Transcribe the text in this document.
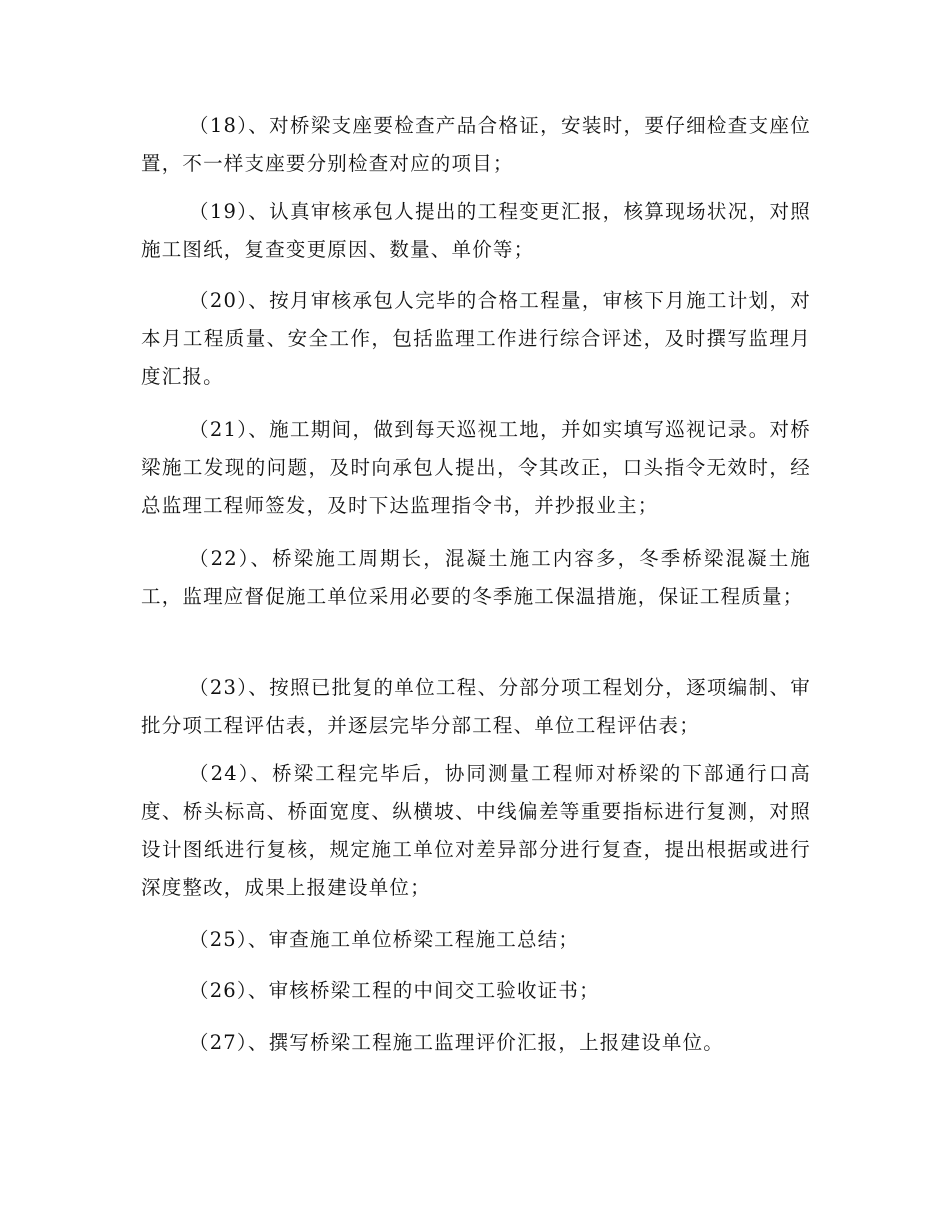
（18）、对桥梁支座要检查产品合格证，安装时，要仔细检查支座位置，不一样支座要分别检查对应的项目；

（19）、认真审核承包人提出的工程变更汇报，核算现场状况，对照施工图纸，复查变更原因、数量、单价等；

（20）、按月审核承包人完毕的合格工程量，审核下月施工计划，对本月工程质量、安全工作，包括监理工作进行综合评述，及时撰写监理月度汇报。

（21）、施工期间，做到每天巡视工地，并如实填写巡视记录。对桥梁施工发现的问题，及时向承包人提出，令其改正，口头指令无效时，经总监理工程师签发，及时下达监理指令书，并抄报业主；

（22）、桥梁施工周期长，混凝土施工内容多，冬季桥梁混凝土施工，监理应督促施工单位采用必要的冬季施工保温措施，保证工程质量；

（23）、按照已批复的单位工程、分部分项工程划分，逐项编制、审批分项工程评估表，并逐层完毕分部工程、单位工程评估表；

（24）、桥梁工程完毕后，协同测量工程师对桥梁的下部通行口高度、桥头标高、桥面宽度、纵横坡、中线偏差等重要指标进行复测，对照设计图纸进行复核，规定施工单位对差异部分进行复查，提出根据或进行深度整改，成果上报建设单位；

（25）、审查施工单位桥梁工程施工总结；

（26）、审核桥梁工程的中间交工验收证书；

（27）、撰写桥梁工程施工监理评价汇报，上报建设单位。
